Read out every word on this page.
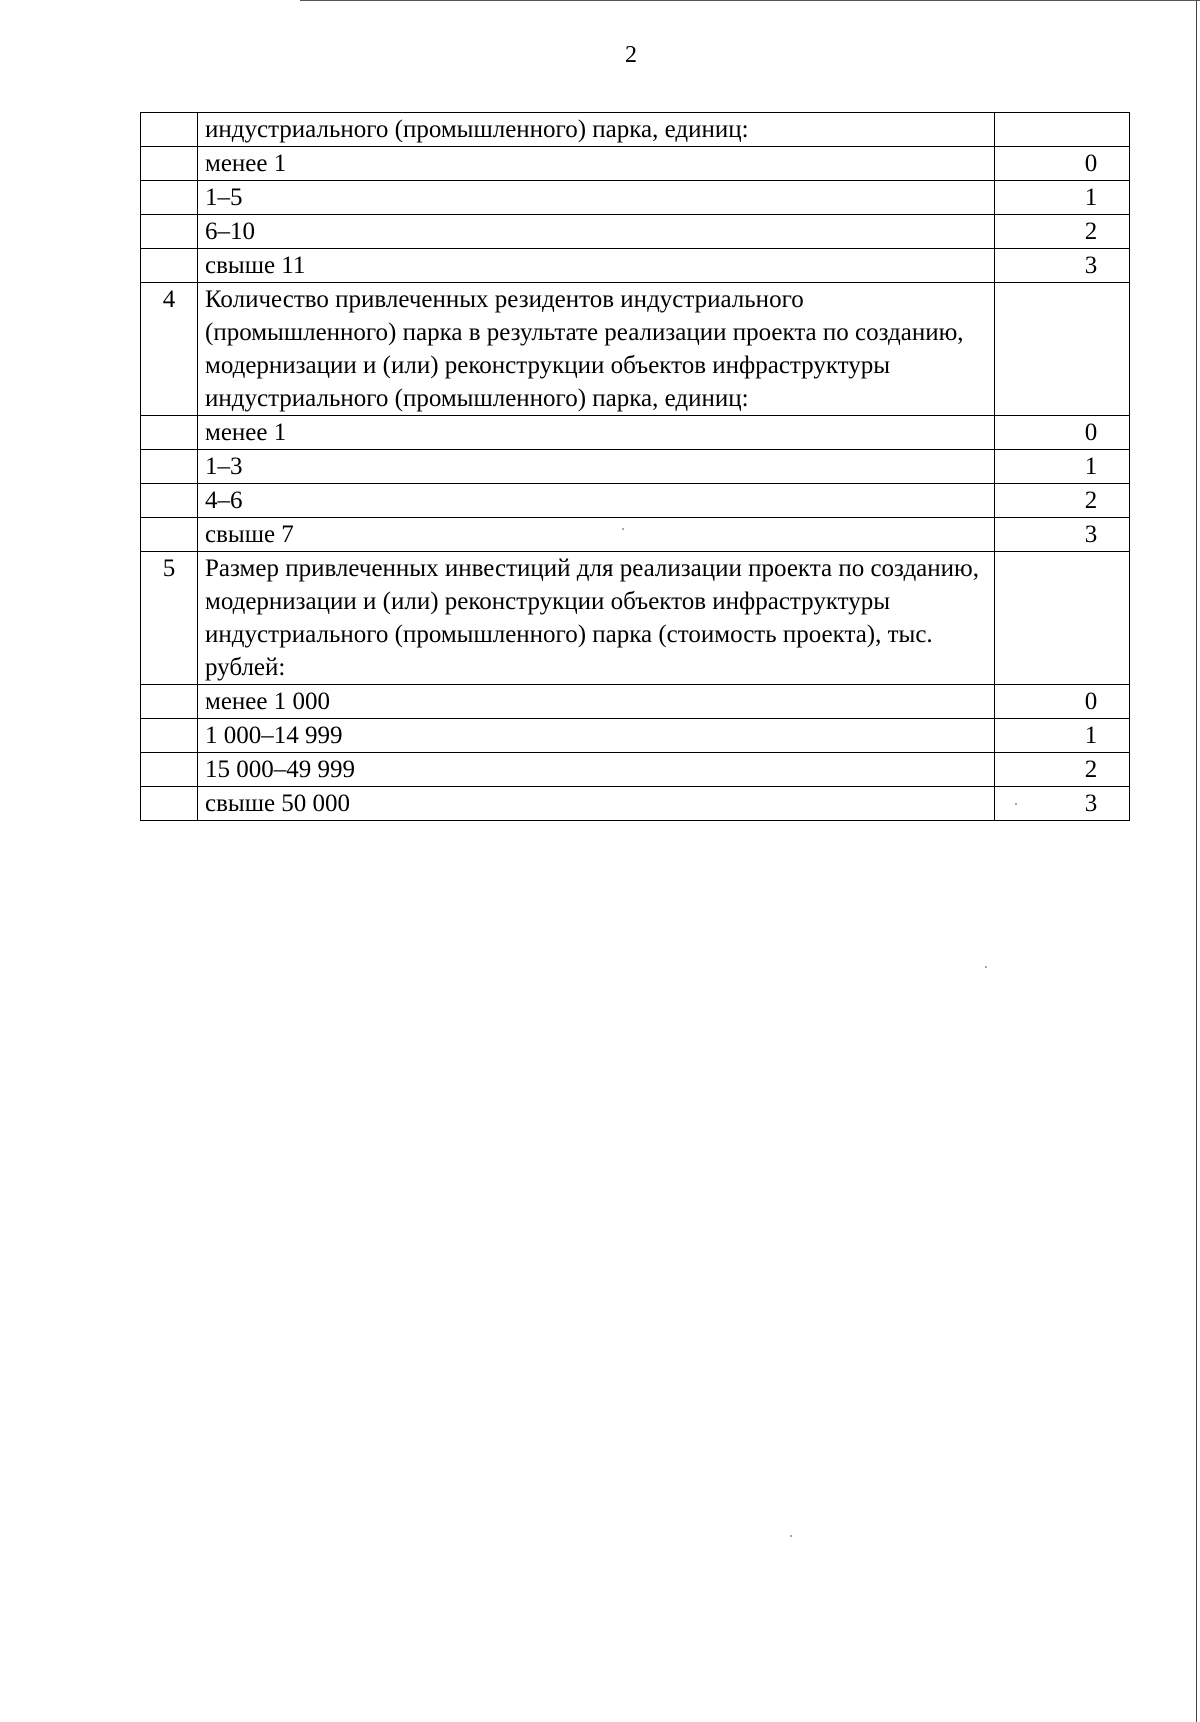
2
	индустриального (промышленного) парка, единиц:	
	менее 1	0
	1–5	1
	6–10	2
	свыше 11	3
4	Количество привлеченных резидентов индустриального (промышленного) парка в результате реализации проекта по созданию, модернизации и (или) реконструкции объектов инфраструктуры индустриального (промышленного) парка, единиц:	
	менее 1	0
	1–3	1
	4–6	2
	свыше 7	3
5	Размер привлеченных инвестиций для реализации проекта по созданию, модернизации и (или) реконструкции объектов инфраструктуры индустриального (промышленного) парка (стоимость проекта), тыс. рублей:	
	менее 1 000	0
	1 000–14 999	1
	15 000–49 999	2
	свыше 50 000	3
